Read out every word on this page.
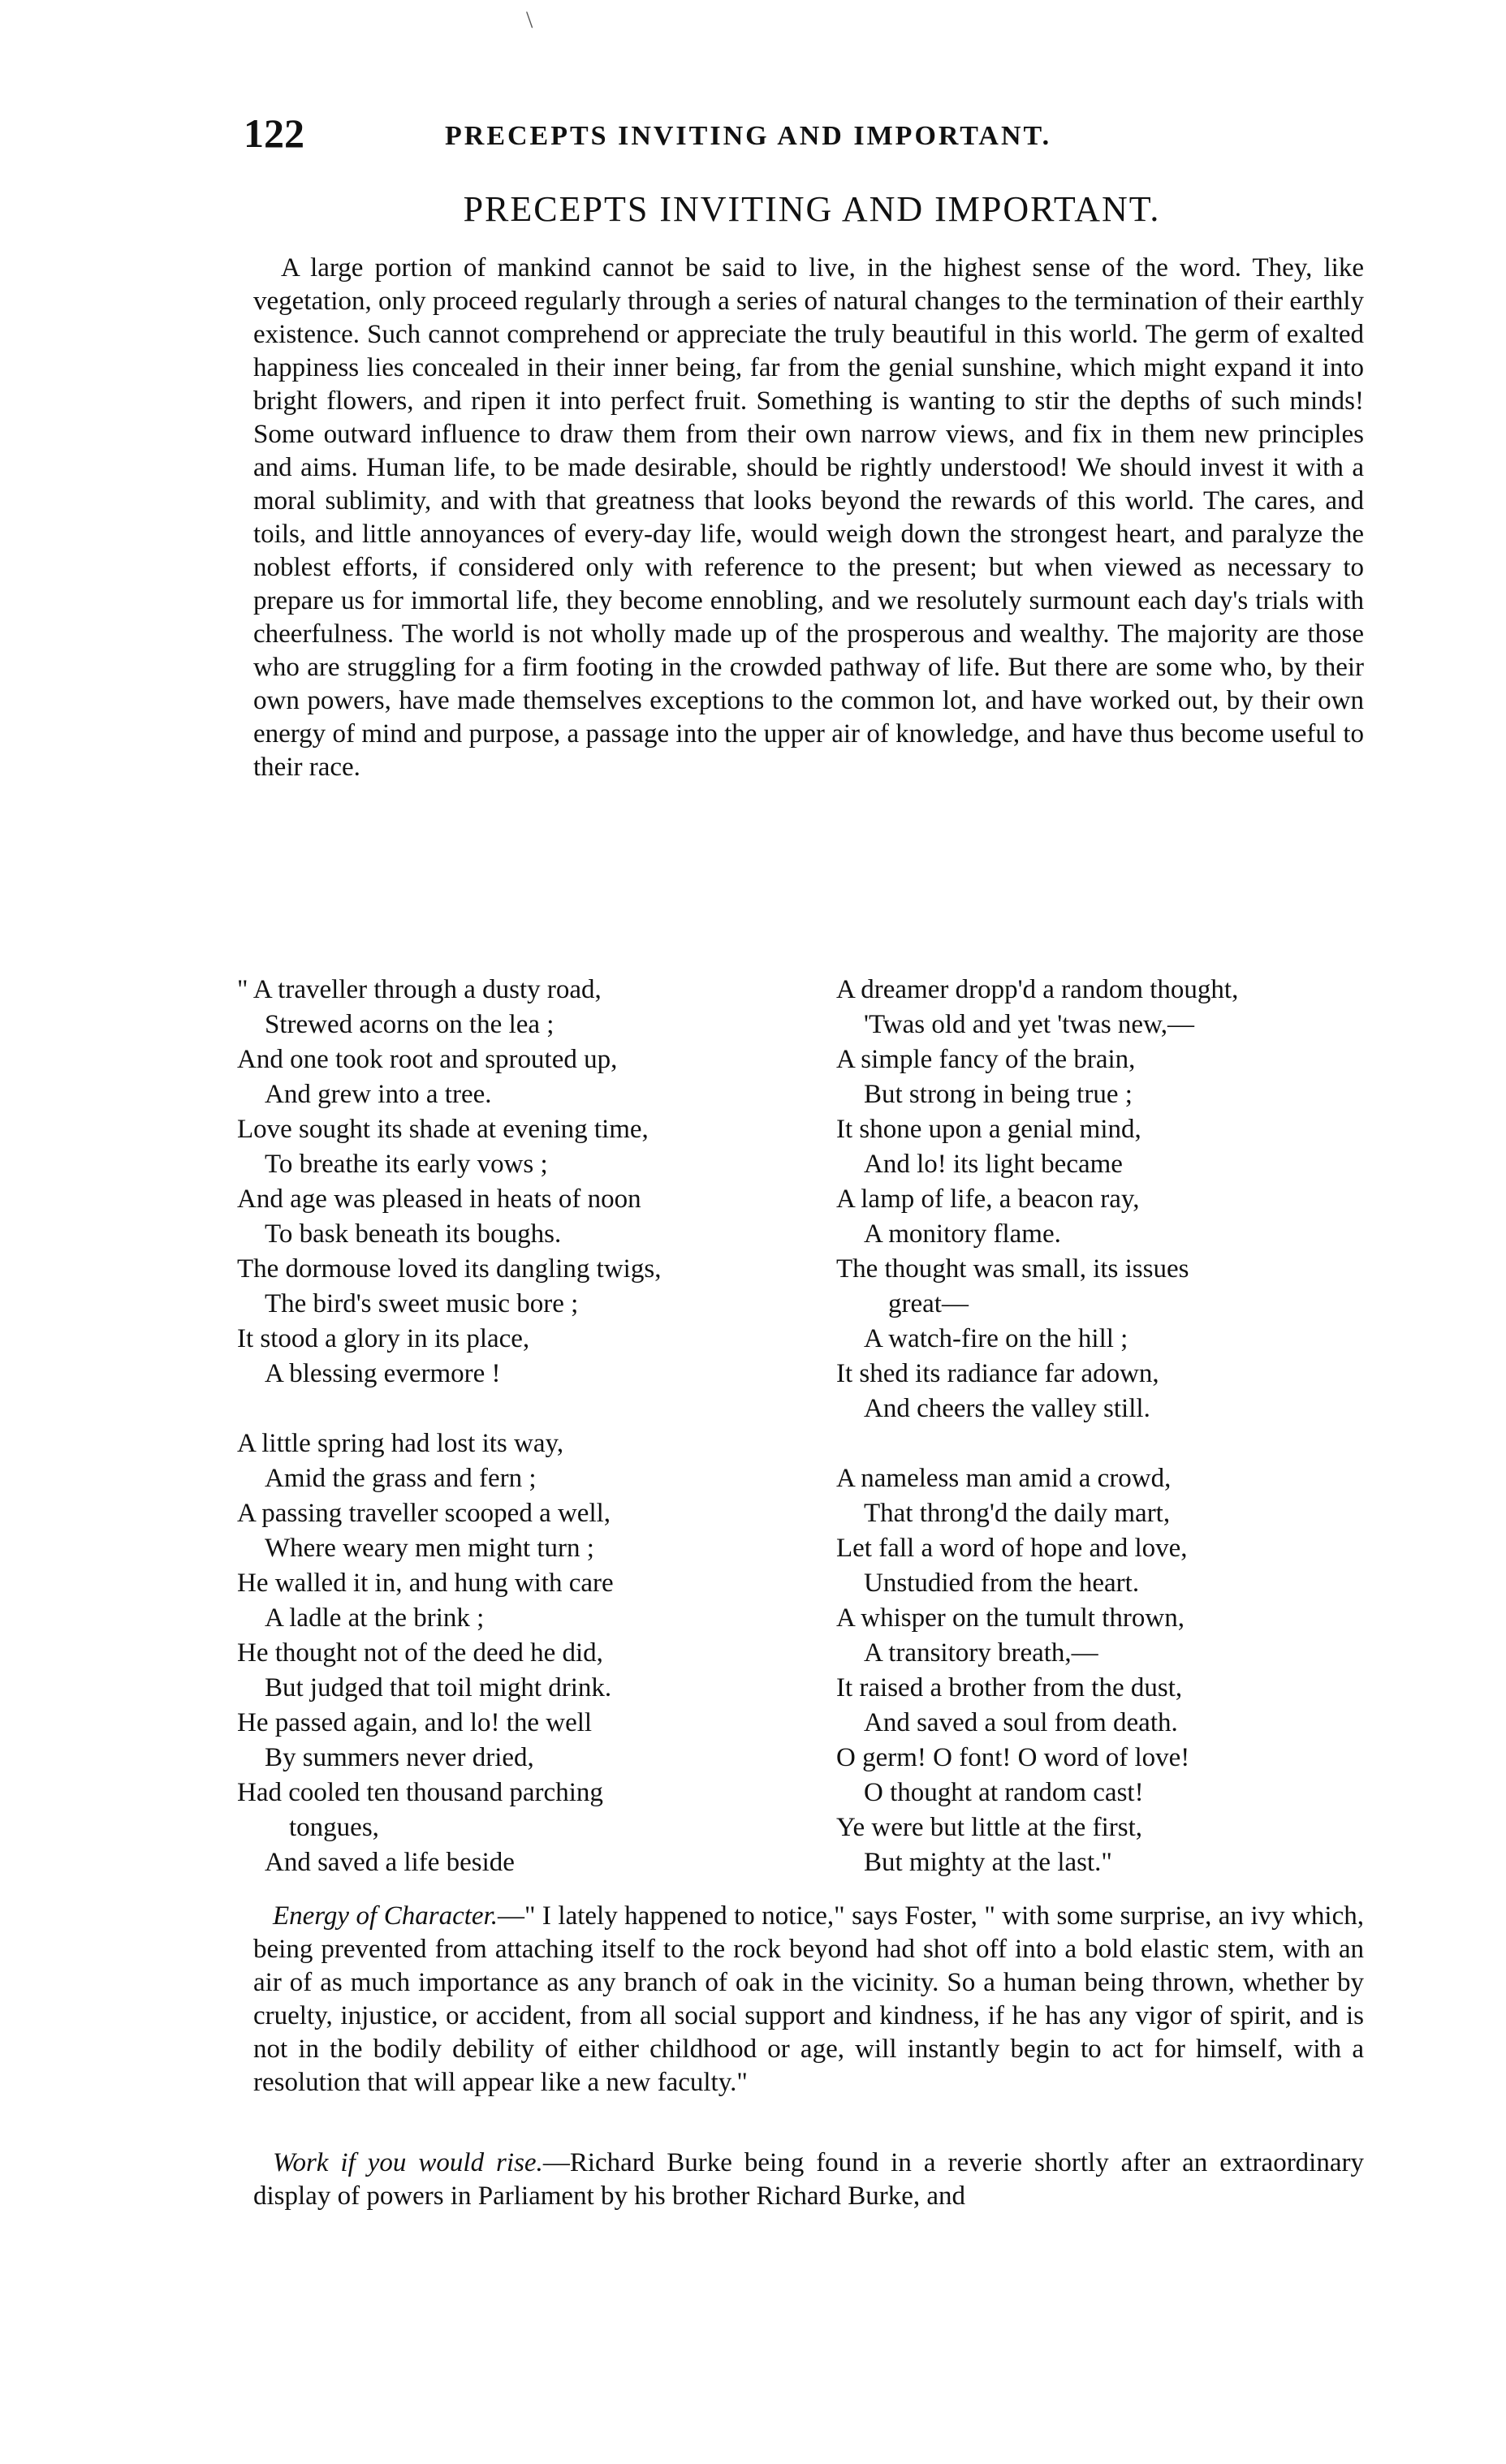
\
122	PRECEPTS INVITING AND IMPORTANT.
PRECEPTS INVITING AND IMPORTANT.

A large portion of mankind cannot be said to live, in the highest sense of the word. They, like vegetation, only proceed regularly through a series of natural changes to the termination of their earthly existence. Such cannot comprehend or appreciate the truly beautiful in this world. The germ of exalted happiness lies concealed in their inner being, far from the genial sunshine, which might expand it into bright flowers, and ripen it into perfect fruit. Something is wanting to stir the depths of such minds! Some outward influence to draw them from their own narrow views, and fix in them new principles and aims. Human life, to be made desirable, should be rightly understood! We should invest it with a moral sublimity, and with that greatness that looks beyond the rewards of this world. The cares, and toils, and little annoyances of every-day life, would weigh down the strongest heart, and paralyze the noblest efforts, if considered only with reference to the present; but when viewed as necessary to prepare us for immortal life, they become ennobling, and we resolutely surmount each day's trials with cheerfulness. The world is not wholly made up of the prosperous and wealthy. The majority are those who are struggling for a firm footing in the crowded pathway of life. But there are some who, by their own powers, have made themselves exceptions to the common lot, and have worked out, by their own energy of mind and purpose, a passage into the upper air of knowledge, and have thus become useful to their race.

" A traveller through a dusty road,
Strewed acorns on the lea ;
And one took root and sprouted up,
And grew into a tree.
Love sought its shade at evening time,
To breathe its early vows ;
And age was pleased in heats of noon
To bask beneath its boughs.
The dormouse loved its dangling twigs,
The bird's sweet music bore ;
It stood a glory in its place,
A blessing evermore !
A little spring had lost its way,
Amid the grass and fern ;
A passing traveller scooped a well,
Where weary men might turn ;
He walled it in, and hung with care
A ladle at the brink ;
He thought not of the deed he did,
But judged that toil might drink.
He passed again, and lo! the well
By summers never dried,
Had cooled ten thousand parching
tongues,
And saved a life beside
A dreamer dropp'd a random thought,
'Twas old and yet 'twas new,—
A simple fancy of the brain,
But strong in being true ;
It shone upon a genial mind,
And lo! its light became
A lamp of life, a beacon ray,
A monitory flame.
The thought was small, its issues
great—
A watch-fire on the hill ;
It shed its radiance far adown,
And cheers the valley still.
A nameless man amid a crowd,
That throng'd the daily mart,
Let fall a word of hope and love,
Unstudied from the heart.
A whisper on the tumult thrown,
A transitory breath,—
It raised a brother from the dust,
And saved a soul from death.
O germ! O font! O word of love!
O thought at random cast!
Ye were but little at the first,
But mighty at the last."

Energy of Character.—" I lately happened to notice," says Foster, " with some surprise, an ivy which, being prevented from attaching itself to the rock beyond had shot off into a bold elastic stem, with an air of as much importance as any branch of oak in the vicinity. So a human being thrown, whether by cruelty, injustice, or accident, from all social support and kindness, if he has any vigor of spirit, and is not in the bodily debility of either childhood or age, will instantly begin to act for himself, with a resolution that will appear like a new faculty."

Work if you would rise.—Richard Burke being found in a reverie shortly after an extraordinary display of powers in Parliament by his brother Richard Burke, and
